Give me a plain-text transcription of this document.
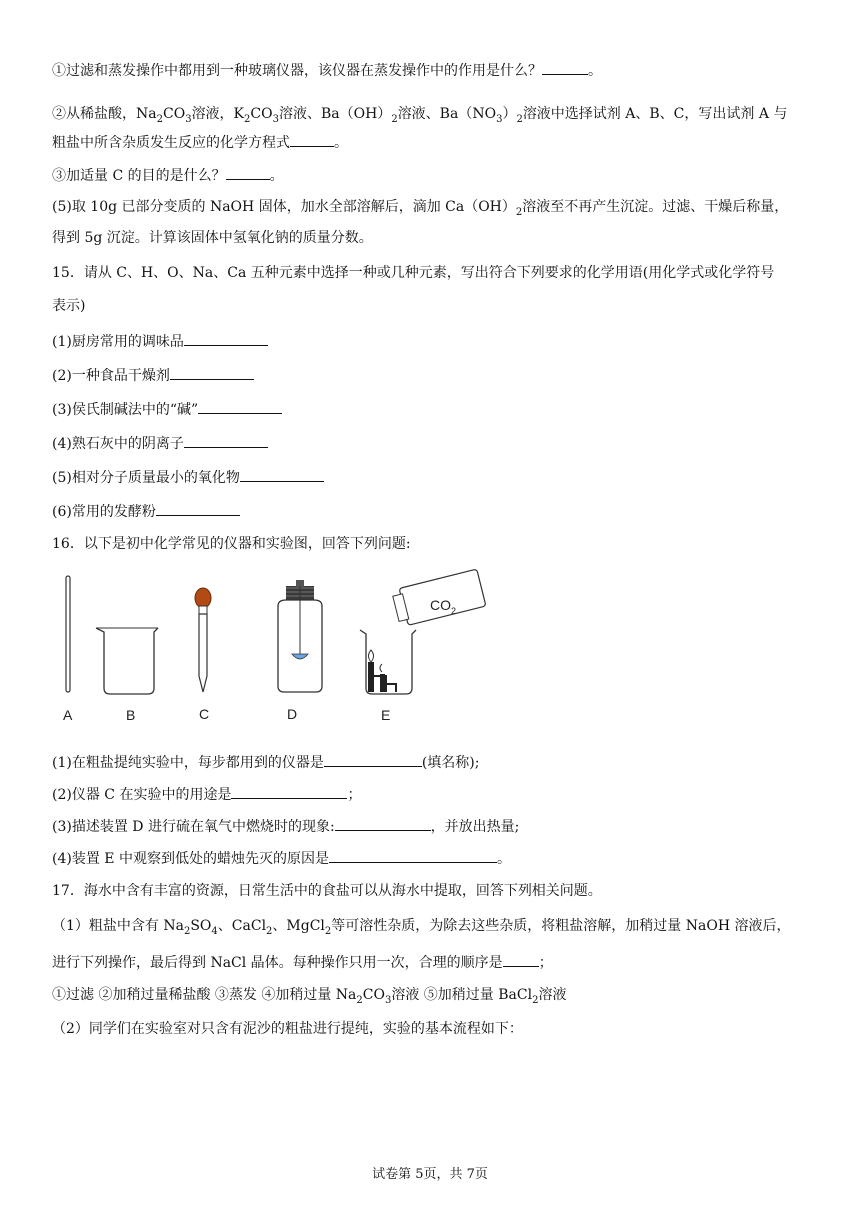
①过滤和蒸发操作中都用到一种玻璃仪器，该仪器在蒸发操作中的作用是什么？	。
②从稀盐酸，$Na_2CO_3$溶液，$K_2CO_3$溶液、$Ba(OH)_2$溶液、$Ba(NO_3)_2$溶液中选择试剂 A、B、C，写出试剂 A 与
粗盐中所含杂质发生反应的化学方程式	。
③加适量 C 的目的是什么？	。
(5)取 10g 已部分变质的 NaOH 固体，加水全部溶解后，滴加 $Ca(OH)_2$溶液至不再产生沉淀。过滤、干燥后称量，
得到 5g 沉淀。计算该固体中氢氧化钠的质量分数。
15．请从 C、H、O、Na、Ca 五种元素中选择一种或几种元素，写出符合下列要求的化学用语(用化学式或化学符号
表示)
(1)厨房常用的调味品
(2)一种食品干燥剂
(3)侯氏制碱法中的“碱”
(4)熟石灰中的阴离子
(5)相对分子质量最小的氧化物
(6)常用的发酵粉
16．以下是初中化学常见的仪器和实验图，回答下列问题:
$CO_2$
A	B	C	D	E
(1)在粗盐提纯实验中，每步都用到的仪器是	(填名称);
(2)仪器 C 在实验中的用途是	；
(3)描述装置 D 进行硫在氧气中燃烧时的现象:	，并放出热量;
(4)装置 E 中观察到低处的蜡烛先灭的原因是	。
17．海水中含有丰富的资源，日常生活中的食盐可以从海水中提取，回答下列相关问题。
（1）粗盐中含有 $Na_2SO_4$、CaCl$_2$、MgCl$_2$等可溶性杂质，为除去这些杂质，将粗盐溶解，加稍过量 NaOH 溶液后，
进行下列操作，最后得到 NaCl 晶体。每种操作只用一次，合理的顺序是	；
①过滤 ②加稍过量稀盐酸 ③蒸发 ④加稍过量 $Na_2CO_3$溶液 ⑤加稍过量 BaCl$_2$溶液
（2）同学们在实验室对只含有泥沙的粗盐进行提纯，实验的基本流程如下：
试卷第 5页，共 7页
